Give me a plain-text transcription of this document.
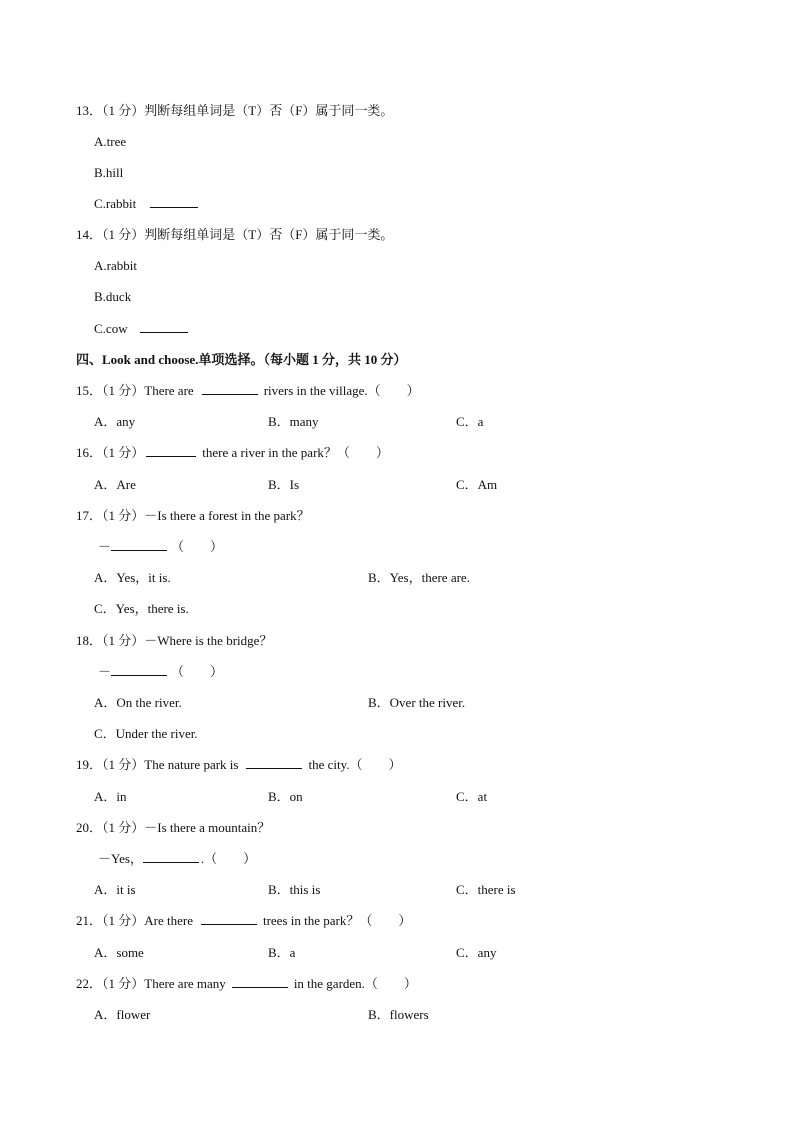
13．（1 分）判断每组单词是（T）否（F）属于同一类。
A.tree
B.hill
C.rabbit
14．（1 分）判断每组单词是（T）否（F）属于同一类。
A.rabbit
B.duck
C.cow
四、Look and choose.单项选择。（每小题 1 分，共 10 分）
15．（1 分）There are	rivers in the village.（　　）
A．any	B．many	C．a
16．（1 分）	there a river in the park？（　　）
A．Are	B．Is	C．Am
17．（1 分）－Is there a forest in the park？
－	（　　）
A．Yes，it is.	B．Yes，there are.
C．Yes，there is.
18．（1 分）－Where is the bridge？
－	（　　）
A．On the river.	B．Over the river.
C．Under the river.
19．（1 分）The nature park is	the city.（　　）
A．in	B．on	C．at
20．（1 分）－Is there a mountain？
－Yes，	.（　　）
A．it is	B．this is	C．there is
21．（1 分）Are there	trees in the park？（　　）
A．some	B．a	C．any
22．（1 分）There are many	in the garden.（　　）
A．flower	B．flowers
